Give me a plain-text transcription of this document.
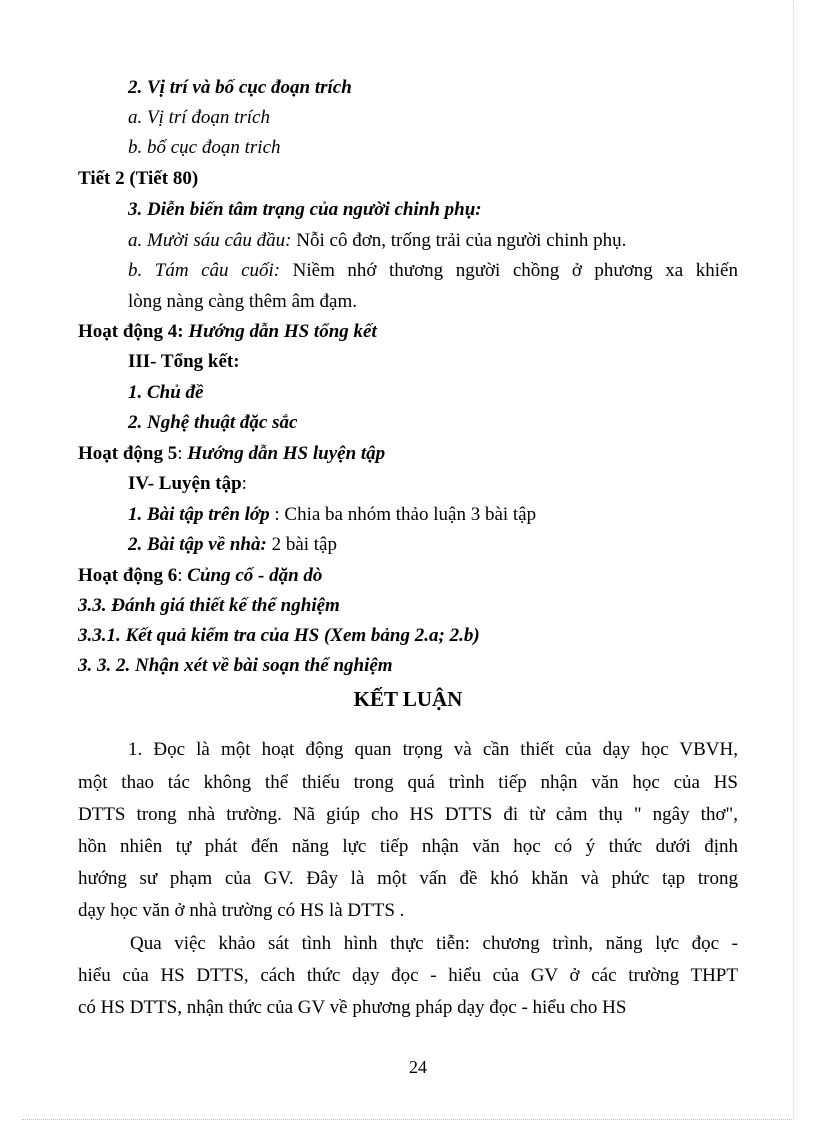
2. Vị trí và bố cục đoạn trích
a. Vị trí đoạn trích
b. bố cục đoạn trich
Tiết 2 (Tiết 80)
3. Diễn biến tâm trạng của người chinh phụ:
a. Mười sáu câu đầu: Nỗi cô đơn, trống trải của người chinh phụ.
b. Tám câu cuối: Niềm nhớ thương người chồng ở phương xa khiến
lòng nàng càng thêm âm đạm.
Hoạt động 4: Hướng dẫn HS tổng kết
III- Tổng kết:
1. Chủ đề
2. Nghệ thuật đặc sắc
Hoạt động 5: Hướng dẫn HS luyện tập
IV- Luyện tập:
1. Bài tập trên lớp : Chia ba nhóm thảo luận 3 bài tập
2. Bài tập về nhà: 2 bài tập
Hoạt động 6: Củng cố - dặn dò
3.3. Đánh giá thiết kế thể nghiệm
3.3.1. Kết quả kiểm tra của HS (Xem bảng 2.a; 2.b)
3. 3. 2. Nhận xét về bài soạn thể nghiệm
KẾT LUẬN
1. Đọc là một hoạt động quan trọng và cần thiết của dạy học VBVH,
một thao tác không thể thiếu trong quá trình tiếp nhận văn học của HS
DTTS trong nhà trường. Nã giúp cho HS DTTS đi từ cảm thụ " ngây thơ",
hồn nhiên tự phát đến năng lực tiếp nhận văn học có ý thức dưới định
hướng sư phạm của GV. Đây là một vấn đề khó khăn và phức tạp trong
dạy học văn ở nhà trường có HS là DTTS .
Qua việc khảo sát tình hình thực tiễn: chương trình, năng lực đọc -
hiểu của HS DTTS, cách thức dạy đọc - hiểu của GV ở các trường THPT
có HS DTTS, nhận thức của GV về phương pháp dạy đọc - hiểu cho HS
24
